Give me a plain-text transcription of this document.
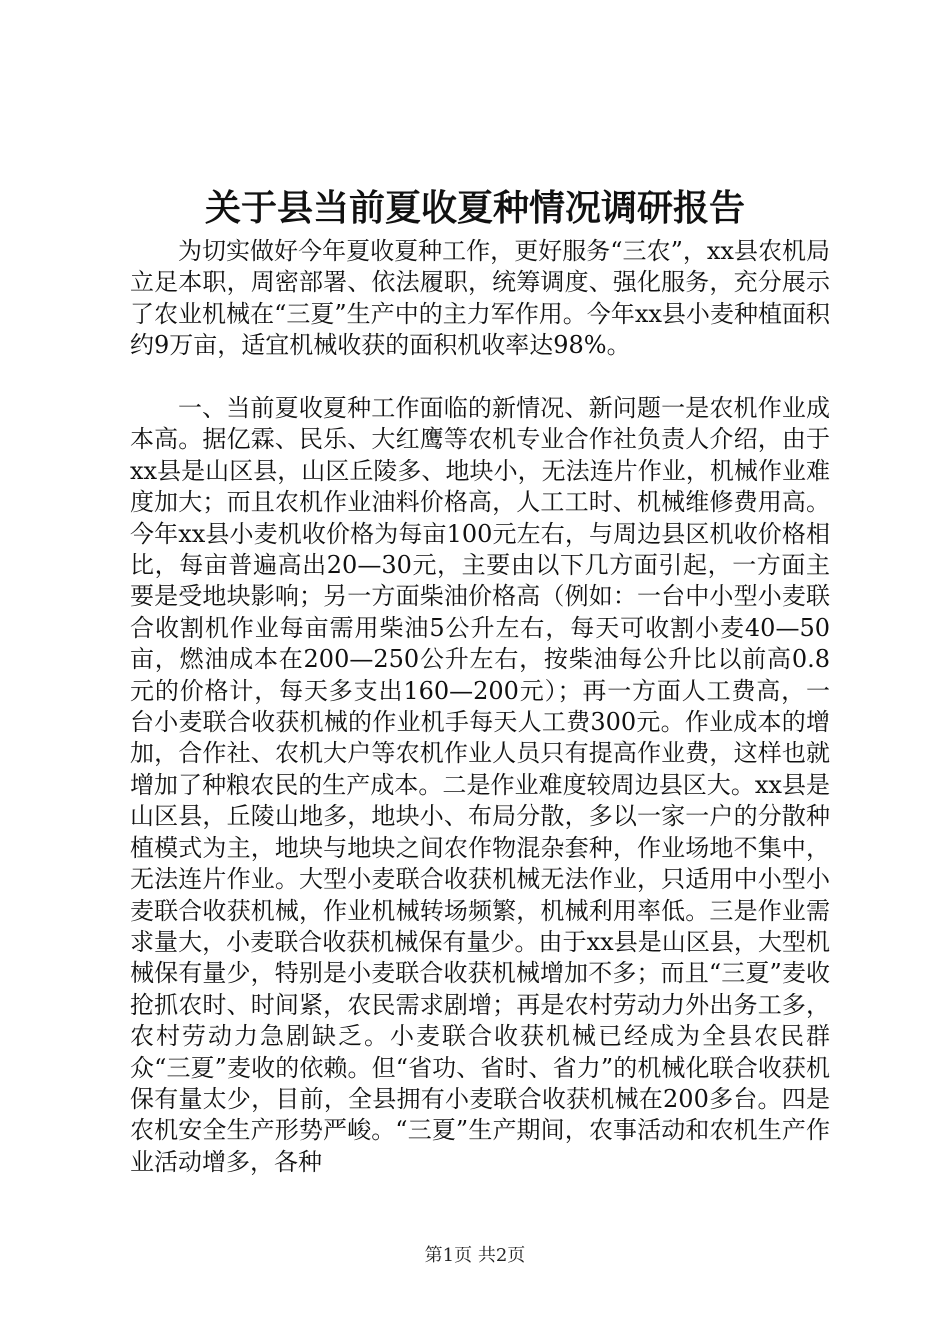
关于县当前夏收夏种情况调研报告

为切实做好今年夏收夏种工作，更好服务“三农”，xx县农机局立足本职，周密部署、依法履职，统筹调度、强化服务，充分展示了农业机械在“三夏”生产中的主力军作用。今年xx县小麦种植面积约9万亩，适宜机械收获的面积机收率达98%。

一、当前夏收夏种工作面临的新情况、新问题一是农机作业成本高。据亿霖、民乐、大红鹰等农机专业合作社负责人介绍，由于xx县是山区县，山区丘陵多、地块小，无法连片作业，机械作业难度加大；而且农机作业油料价格高，人工工时、机械维修费用高。今年xx县小麦机收价格为每亩100元左右，与周边县区机收价格相比，每亩普遍高出20—30元，主要由以下几方面引起，一方面主要是受地块影响；另一方面柴油价格高（例如：一台中小型小麦联合收割机作业每亩需用柴油5公升左右，每天可收割小麦40—50亩，燃油成本在200—250公升左右，按柴油每公升比以前高0.8元的价格计，每天多支出160—200元）；再一方面人工费高，一台小麦联合收获机械的作业机手每天人工费300元。作业成本的增加，合作社、农机大户等农机作业人员只有提高作业费，这样也就增加了种粮农民的生产成本。二是作业难度较周边县区大。xx县是山区县，丘陵山地多，地块小、布局分散，多以一家一户的分散种植模式为主，地块与地块之间农作物混杂套种，作业场地不集中，无法连片作业。大型小麦联合收获机械无法作业，只适用中小型小麦联合收获机械，作业机械转场频繁，机械利用率低。三是作业需求量大，小麦联合收获机械保有量少。由于xx县是山区县，大型机械保有量少，特别是小麦联合收获机械增加不多；而且“三夏”麦收抢抓农时、时间紧，农民需求剧增；再是农村劳动力外出务工多，农村劳动力急剧缺乏。小麦联合收获机械已经成为全县农民群众“三夏”麦收的依赖。但“省功、省时、省力”的机械化联合收获机保有量太少，目前，全县拥有小麦联合收获机械在200多台。四是农机安全生产形势严峻。“三夏”生产期间，农事活动和农机生产作业活动增多，各种

第1页 共2页
